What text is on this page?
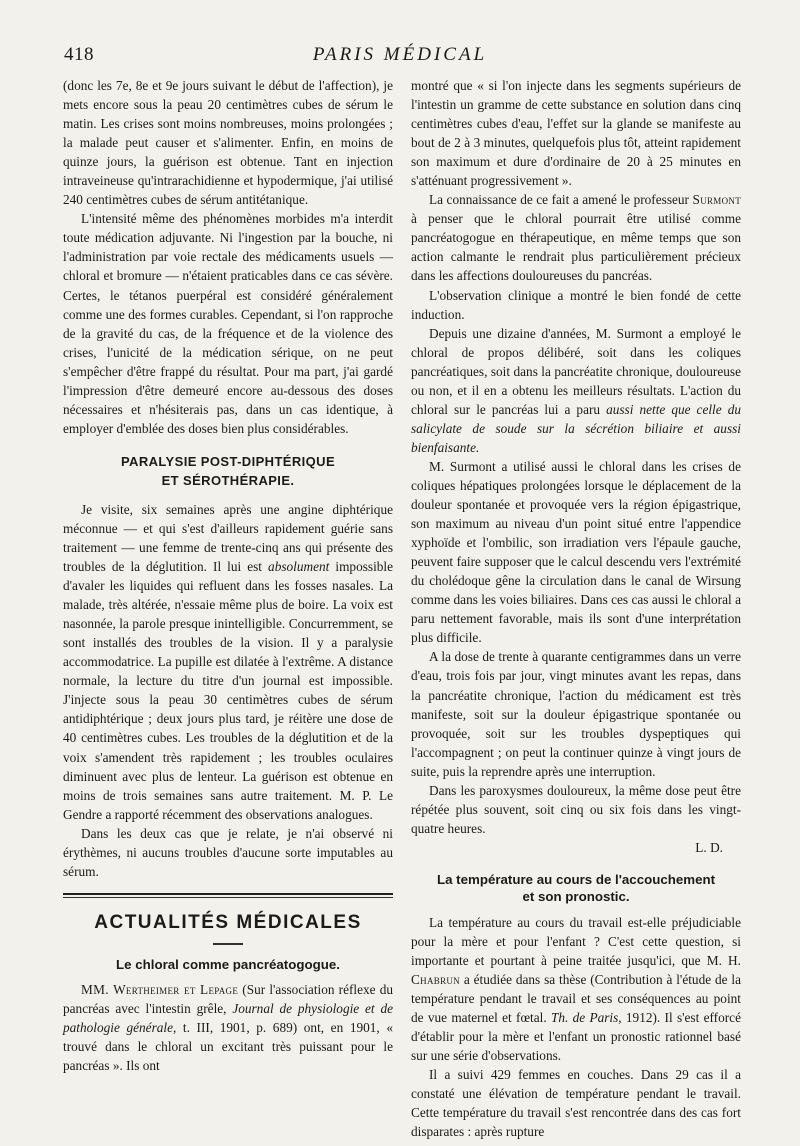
418	PARIS MÉDICAL

(donc les 7e, 8e et 9e jours suivant le début de l'affection), je mets encore sous la peau 20 centimètres cubes de sérum le matin. Les crises sont moins nombreuses, moins prolongées ; la malade peut causer et s'alimenter. Enfin, en moins de quinze jours, la guérison est obtenue. Tant en injection intraveineuse qu'intrarachidienne et hypodermique, j'ai utilisé 240 centimètres cubes de sérum antitétanique.

L'intensité même des phénomènes morbides m'a interdit toute médication adjuvante. Ni l'ingestion par la bouche, ni l'administration par voie rectale des médicaments usuels — chloral et bromure — n'étaient praticables dans ce cas sévère. Certes, le tétanos puerpéral est considéré généralement comme une des formes curables. Cependant, si l'on rapproche de la gravité du cas, de la fréquence et de la violence des crises, l'unicité de la médication sérique, on ne peut s'empêcher d'être frappé du résultat. Pour ma part, j'ai gardé l'impression d'être demeuré encore au-dessous des doses nécessaires et n'hésiterais pas, dans un cas identique, à employer d'emblée des doses bien plus considérables.

PARALYSIE POST-DIPHTÉRIQUE
ET SÉROTHÉRAPIE.

Je visite, six semaines après une angine diphtérique méconnue — et qui s'est d'ailleurs rapidement guérie sans traitement — une femme de trente-cinq ans qui présente des troubles de la déglutition. Il lui est absolument impossible d'avaler les liquides qui refluent dans les fosses nasales. La malade, très altérée, n'essaie même plus de boire. La voix est nasonnée, la parole presque inintelligible. Concurremment, se sont installés des troubles de la vision. Il y a paralysie accommodatrice. La pupille est dilatée à l'extrême. A distance normale, la lecture du titre d'un journal est impossible. J'injecte sous la peau 30 centimètres cubes de sérum antidiphtérique ; deux jours plus tard, je réitère une dose de 40 centimètres cubes. Les troubles de la déglutition et de la voix s'amendent très rapidement ; les troubles oculaires diminuent avec plus de lenteur. La guérison est obtenue en moins de trois semaines sans autre traitement. M. P. Le Gendre a rapporté récemment des observations analogues.

Dans les deux cas que je relate, je n'ai observé ni érythèmes, ni aucuns troubles d'aucune sorte imputables au sérum.

ACTUALITÉS MÉDICALES
Le chloral comme pancréatogogue.

MM. Wertheimer et Lepage (Sur l'association réflexe du pancréas avec l'intestin grêle, Journal de physiologie et de pathologie générale, t. III, 1901, p. 689) ont, en 1901, « trouvé dans le chloral un excitant très puissant pour le pancréas ». Ils ont

montré que « si l'on injecte dans les segments supérieurs de l'intestin un gramme de cette substance en solution dans cinq centimètres cubes d'eau, l'effet sur la glande se manifeste au bout de 2 à 3 minutes, quelquefois plus tôt, atteint rapidement son maximum et dure d'ordinaire de 20 à 25 minutes en s'atténuant progressivement ».

La connaissance de ce fait a amené le professeur Surmont à penser que le chloral pourrait être utilisé comme pancréatogogue en thérapeutique, en même temps que son action calmante le rendrait plus particulièrement précieux dans les affections douloureuses du pancréas.

L'observation clinique a montré le bien fondé de cette induction.

Depuis une dizaine d'années, M. Surmont a employé le chloral de propos délibéré, soit dans les coliques pancréatiques, soit dans la pancréatite chronique, douloureuse ou non, et il en a obtenu les meilleurs résultats. L'action du chloral sur le pancréas lui a paru aussi nette que celle du salicylate de soude sur la sécrétion biliaire et aussi bienfaisante.

M. Surmont a utilisé aussi le chloral dans les crises de coliques hépatiques prolongées lorsque le déplacement de la douleur spontanée et provoquée vers la région épigastrique, son maximum au niveau d'un point situé entre l'appendice xyphoïde et l'ombilic, son irradiation vers l'épaule gauche, peuvent faire supposer que le calcul descendu vers l'extrémité du cholédoque gêne la circulation dans le canal de Wirsung comme dans les voies biliaires. Dans ces cas aussi le chloral a paru nettement favorable, mais ils sont d'une interprétation plus difficile.

A la dose de trente à quarante centigrammes dans un verre d'eau, trois fois par jour, vingt minutes avant les repas, dans la pancréatite chronique, l'action du médicament est très manifeste, soit sur la douleur épigastrique spontanée ou provoquée, soit sur les troubles dyspeptiques qui l'accompagnent ; on peut la continuer quinze à vingt jours de suite, puis la reprendre après une interruption.

Dans les paroxysmes douloureux, la même dose peut être répétée plus souvent, soit cinq ou six fois dans les vingt-quatre heures.

L. D.

La température au cours de l'accouchement
et son pronostic.

La température au cours du travail est-elle préjudiciable pour la mère et pour l'enfant ? C'est cette question, si importante et pourtant à peine traitée jusqu'ici, que M. H. Chabrun a étudiée dans sa thèse (Contribution à l'étude de la température pendant le travail et ses conséquences au point de vue maternel et fœtal. Th. de Paris, 1912). Il s'est efforcé d'établir pour la mère et l'enfant un pronostic rationnel basé sur une série d'observations.

Il a suivi 429 femmes en couches. Dans 29 cas il a constaté une élévation de température pendant le travail. Cette température du travail s'est rencontrée dans des cas fort disparates : après rupture
